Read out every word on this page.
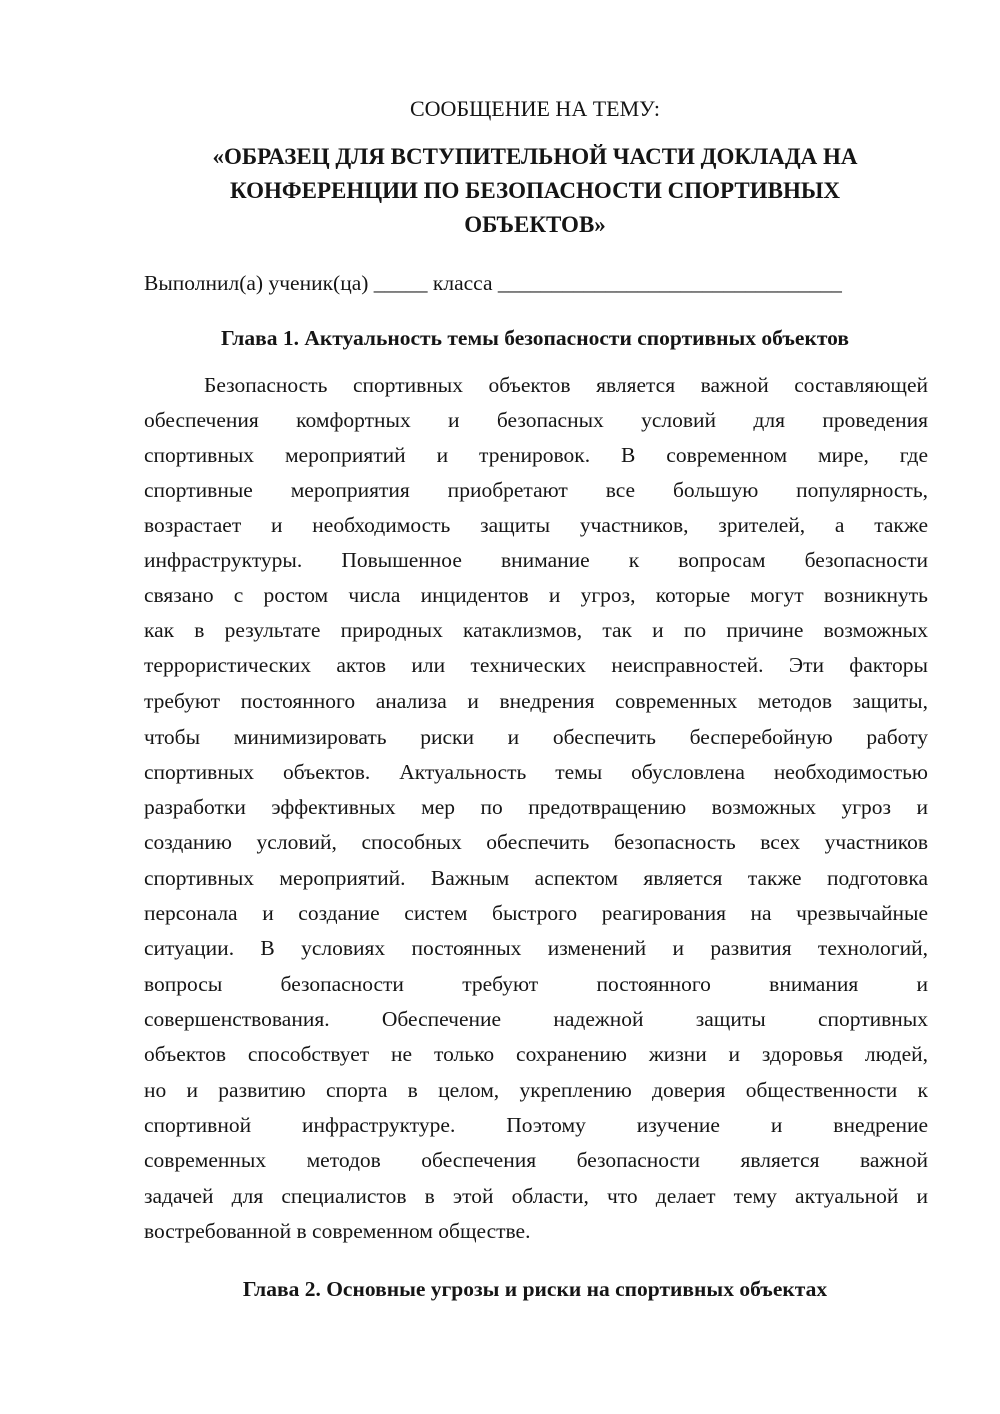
СООБЩЕНИЕ НА ТЕМУ:
«ОБРАЗЕЦ ДЛЯ ВСТУПИТЕЛЬНОЙ ЧАСТИ ДОКЛАДА НА
КОНФЕРЕНЦИИ ПО БЕЗОПАСНОСТИ СПОРТИВНЫХ
ОБЪЕКТОВ»
Выполнил(а) ученик(ца) _____ класса ________________________________
Глава 1. Актуальность темы безопасности спортивных объектов
Безопасность спортивных объектов является важной составляющей
обеспечения комфортных и безопасных условий для проведения
спортивных мероприятий и тренировок. В современном мире, где
спортивные мероприятия приобретают все большую популярность,
возрастает и необходимость защиты участников, зрителей, а также
инфраструктуры. Повышенное внимание к вопросам безопасности
связано с ростом числа инцидентов и угроз, которые могут возникнуть
как в результате природных катаклизмов, так и по причине возможных
террористических актов или технических неисправностей. Эти факторы
требуют постоянного анализа и внедрения современных методов защиты,
чтобы минимизировать риски и обеспечить бесперебойную работу
спортивных объектов. Актуальность темы обусловлена необходимостью
разработки эффективных мер по предотвращению возможных угроз и
созданию условий, способных обеспечить безопасность всех участников
спортивных мероприятий. Важным аспектом является также подготовка
персонала и создание систем быстрого реагирования на чрезвычайные
ситуации. В условиях постоянных изменений и развития технологий,
вопросы безопасности требуют постоянного внимания и
совершенствования. Обеспечение надежной защиты спортивных
объектов способствует не только сохранению жизни и здоровья людей,
но и развитию спорта в целом, укреплению доверия общественности к
спортивной инфраструктуре. Поэтому изучение и внедрение
современных методов обеспечения безопасности является важной
задачей для специалистов в этой области, что делает тему актуальной и
востребованной в современном обществе.
Глава 2. Основные угрозы и риски на спортивных объектах
